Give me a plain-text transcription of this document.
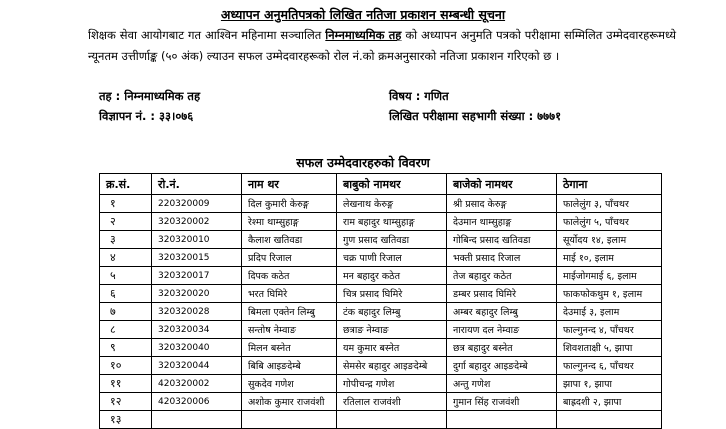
अध्यापन अनुमतिपत्रको लिखित नतिजा प्रकाशन सम्बन्धी सूचना
शिक्षक सेवा आयोगबाट गत आश्विन महिनामा सञ्चालित निम्नमाध्यमिक तह को अध्यापन अनुमति पत्रको परीक्षामा सम्मिलित उम्मेदवारहरूमध्ये न्यूनतम उत्तीर्णाङ्क (५० अंक) ल्याउन सफल उम्मेदवारहरूको रोल नं.को क्रमअनुसारको नतिजा प्रकाशन गरिएको छ ।
तह : निम्नमाध्यमिक तह	विषय : गणित
विज्ञापन नं. : ३३।०७६	लिखित परीक्षामा सहभागी संख्या : ७७७१
सफल उम्मेदवारहरुको विवरण
क्र.सं.	रो.नं.	नाम थर	बाबुको नामथर	बाजेको नामथर	ठेगाना
१	220320009	दिल कुमारी केरुङ्ग	लेखनाथ केरुङ्ग	श्री प्रसाद केरुङ्ग	फालेलुंग ३, पाँचथर
२	320320002	रेश्मा थाम्सुहाङ्ग	राम बहादुर थाम्सुहाङ्ग	देउमान थाम्सुहाङ्ग	फालेलुंग ५, पाँचथर
३	320320010	कैलाश खतिवडा	गुण प्रसाद खतिवडा	गोबिन्द प्रसाद खतिवडा	सूर्योदय १४, इलाम
४	320320015	प्रदिप रिजाल	चक्र पाणी रिजाल	भक्ती प्रसाद रिजाल	माई १०, इलाम
५	320320017	दिपक कठेत	मन बहादुर कठेत	तेज बहादुर कठेत	माईजोगमाई ६, इलाम
६	320320020	भरत घिमिरे	चित्र प्रसाद घिमिरे	डम्बर प्रसाद घिमिरे	फाकफोकथुम १, इलाम
७	320320028	बिमला एक्तेन लिम्बु	टंक बहादुर लिम्बु	अम्बर बहादुर लिम्बु	देउमाई ३, इलाम
८	320320034	सन्तोष नेम्वाङ	छत्राङ नेम्वाङ	नारायण दल नेम्वाङ	फाल्गुनन्द ४, पाँचथर
९	320320040	मिलन बस्नेत	यम कुमार बस्नेत	छत्र बहादुर बस्नेत	शिवशताक्षी ५, झापा
१०	320320044	बिबि आइङदेम्बे	सेमसेर बहादुर आइङदेम्बे	दुर्गा बहादुर आइङदेम्बे	फाल्गुनन्द ६, पाँचथर
११	420320002	सुकदेव गणेश	गोपीचन्द्र गणेश	अन्तु गणेश	झापा १, झापा
१२	420320006	अशोक कुमार राजवंशी	रतिलाल राजवंशी	गुमान सिंह राजवंशी	बाह्रदशी २, झापा
१३					
